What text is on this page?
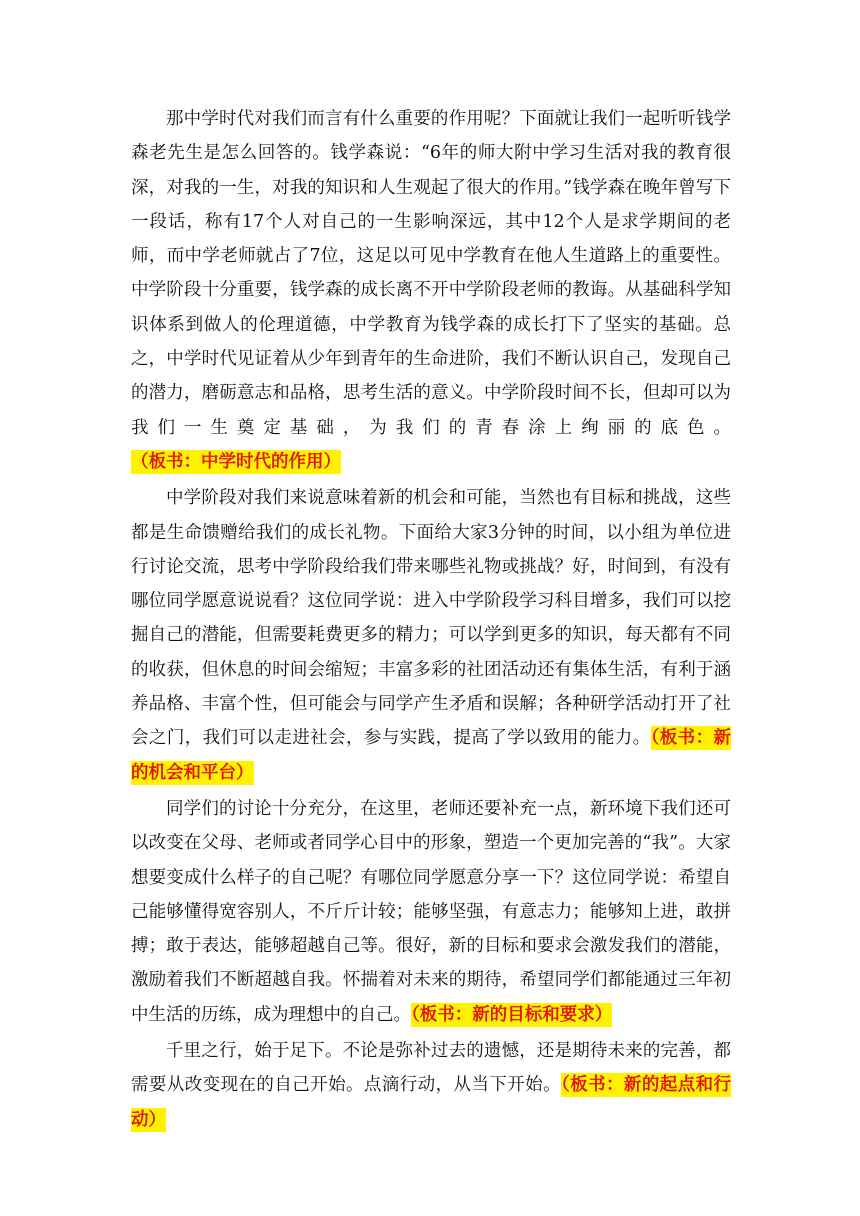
那中学时代对我们而言有什么重要的作用呢？下面就让我们一起听听钱学森老先生是怎么回答的。钱学森说：“6年的师大附中学习生活对我的教育很深，对我的一生，对我的知识和人生观起了很大的作用。”钱学森在晚年曾写下一段话，称有17个人对自己的一生影响深远，其中12个人是求学期间的老师，而中学老师就占了7位，这足以可见中学教育在他人生道路上的重要性。中学阶段十分重要，钱学森的成长离不开中学阶段老师的教诲。从基础科学知识体系到做人的伦理道德，中学教育为钱学森的成长打下了坚实的基础。总之，中学时代见证着从少年到青年的生命进阶，我们不断认识自己，发现自己的潜力，磨砺意志和品格，思考生活的意义。中学阶段时间不长，但却可以为我们一生奠定基础，为我们的青春涂上绚丽的底色。（板书：中学时代的作用）

中学阶段对我们来说意味着新的机会和可能，当然也有目标和挑战，这些都是生命馈赠给我们的成长礼物。下面给大家3分钟的时间，以小组为单位进行讨论交流，思考中学阶段给我们带来哪些礼物或挑战？好，时间到，有没有哪位同学愿意说说看？这位同学说：进入中学阶段学习科目增多，我们可以挖掘自己的潜能，但需要耗费更多的精力；可以学到更多的知识，每天都有不同的收获，但休息的时间会缩短；丰富多彩的社团活动还有集体生活，有利于涵养品格、丰富个性，但可能会与同学产生矛盾和误解；各种研学活动打开了社会之门，我们可以走进社会，参与实践，提高了学以致用的能力。（板书：新的机会和平台）

同学们的讨论十分充分，在这里，老师还要补充一点，新环境下我们还可以改变在父母、老师或者同学心目中的形象，塑造一个更加完善的“我”。大家想要变成什么样子的自己呢？有哪位同学愿意分享一下？这位同学说：希望自己能够懂得宽容别人，不斤斤计较；能够坚强，有意志力；能够知上进，敢拼搏；敢于表达，能够超越自己等。很好，新的目标和要求会激发我们的潜能，激励着我们不断超越自我。怀揣着对未来的期待，希望同学们都能通过三年初中生活的历练，成为理想中的自己。（板书：新的目标和要求）

千里之行，始于足下。不论是弥补过去的遗憾，还是期待未来的完善，都需要从改变现在的自己开始。点滴行动，从当下开始。（板书：新的起点和行动）
